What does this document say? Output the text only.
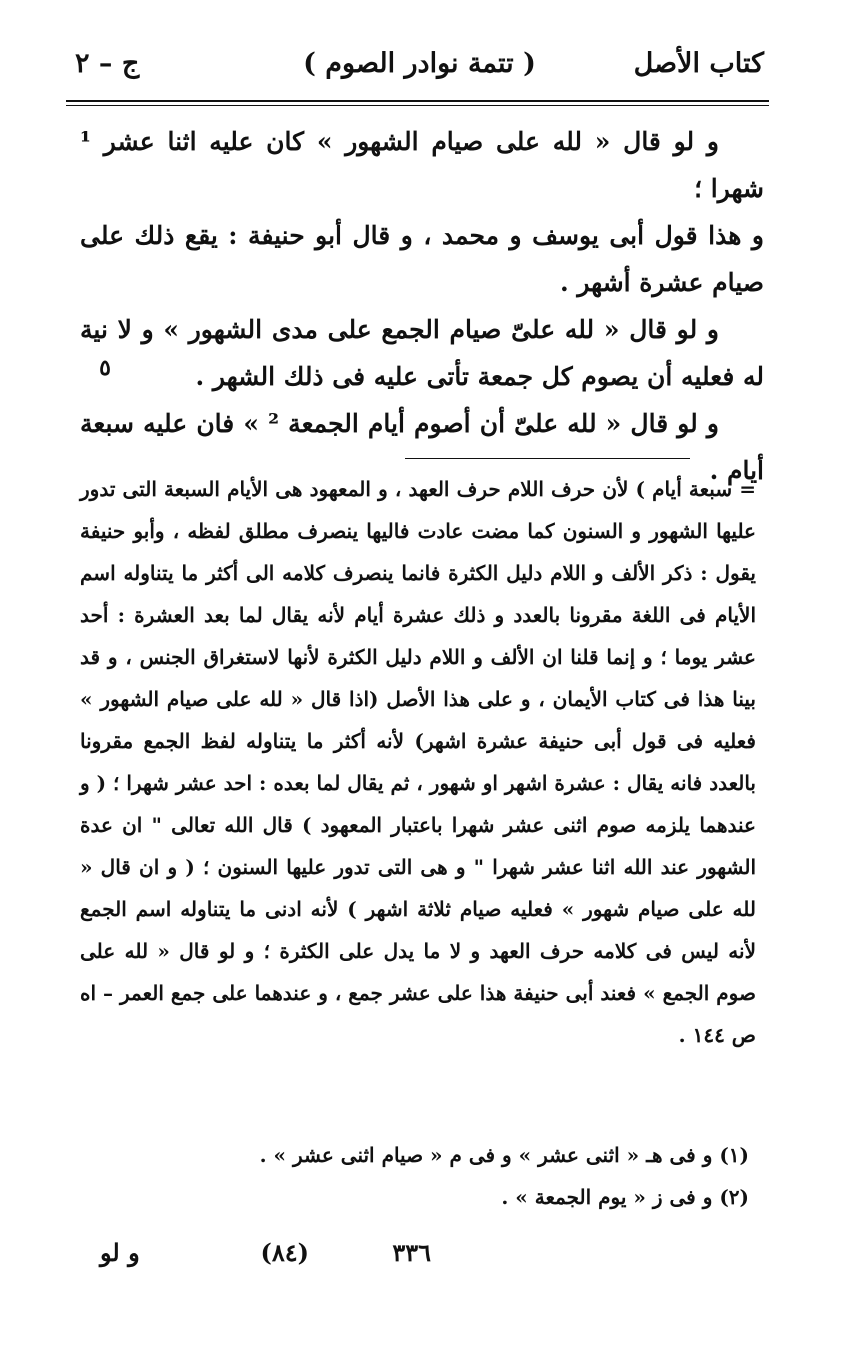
كتاب الأصل
( تتمة نوادر الصوم )
ج – ٢

و لو قال « لله على صيام الشهور » كان عليه اثنا عشر ¹ شهرا ؛

و هذا قول أبى يوسف و محمد ، و قال أبو حنيفة : يقع ذلك على صيام عشرة أشهر .

و لو قال « لله علىّ صيام الجمع على مدى الشهور » و لا نية له فعليه أن يصوم كل جمعة تأتى عليه فى ذلك الشهر .

و لو قال « لله علىّ أن أصوم أيام الجمعة ² » فان عليه سبعة أيام .

٥

= سبعة أيام ) لأن حرف اللام حرف العهد ، و المعهود هى الأيام السبعة التى تدور عليها الشهور و السنون كما مضت عادت فاليها ينصرف مطلق لفظه ، وأبو حنيفة يقول : ذكر الألف و اللام دليل الكثرة فانما ينصرف كلامه الى أكثر ما يتناوله اسم الأيام فى اللغة مقرونا بالعدد و ذلك عشرة أيام لأنه يقال لما بعد العشرة : أحد عشر يوما ؛ و إنما قلنا ان الألف و اللام دليل الكثرة لأنها لاستغراق الجنس ، و قد بينا هذا فى كتاب الأيمان ، و على هذا الأصل (اذا قال « لله على صيام الشهور » فعليه فى قول أبى حنيفة عشرة اشهر) لأنه أكثر ما يتناوله لفظ الجمع مقرونا بالعدد فانه يقال : عشرة اشهر او شهور ، ثم يقال لما بعده : احد عشر شهرا ؛ ( و عندهما يلزمه صوم اثنى عشر شهرا باعتبار المعهود ) قال الله تعالى " ان عدة الشهور عند الله اثنا عشر شهرا " و هى التى تدور عليها السنون ؛ ( و ان قال « لله على صيام شهور » فعليه صيام ثلاثة اشهر ) لأنه ادنى ما يتناوله اسم الجمع لأنه ليس فى كلامه حرف العهد و لا ما يدل على الكثرة ؛ و لو قال « لله على صوم الجمع » فعند أبى حنيفة هذا على عشر جمع ، و عندهما على جمع العمر – اه ص ١٤٤ .

(١) و فى هـ « اثنى عشر » و فى م « صيام اثنى عشر » .
(٢) و فى ز « يوم الجمعة » .
٣٣٦
(٨٤)
و لو
